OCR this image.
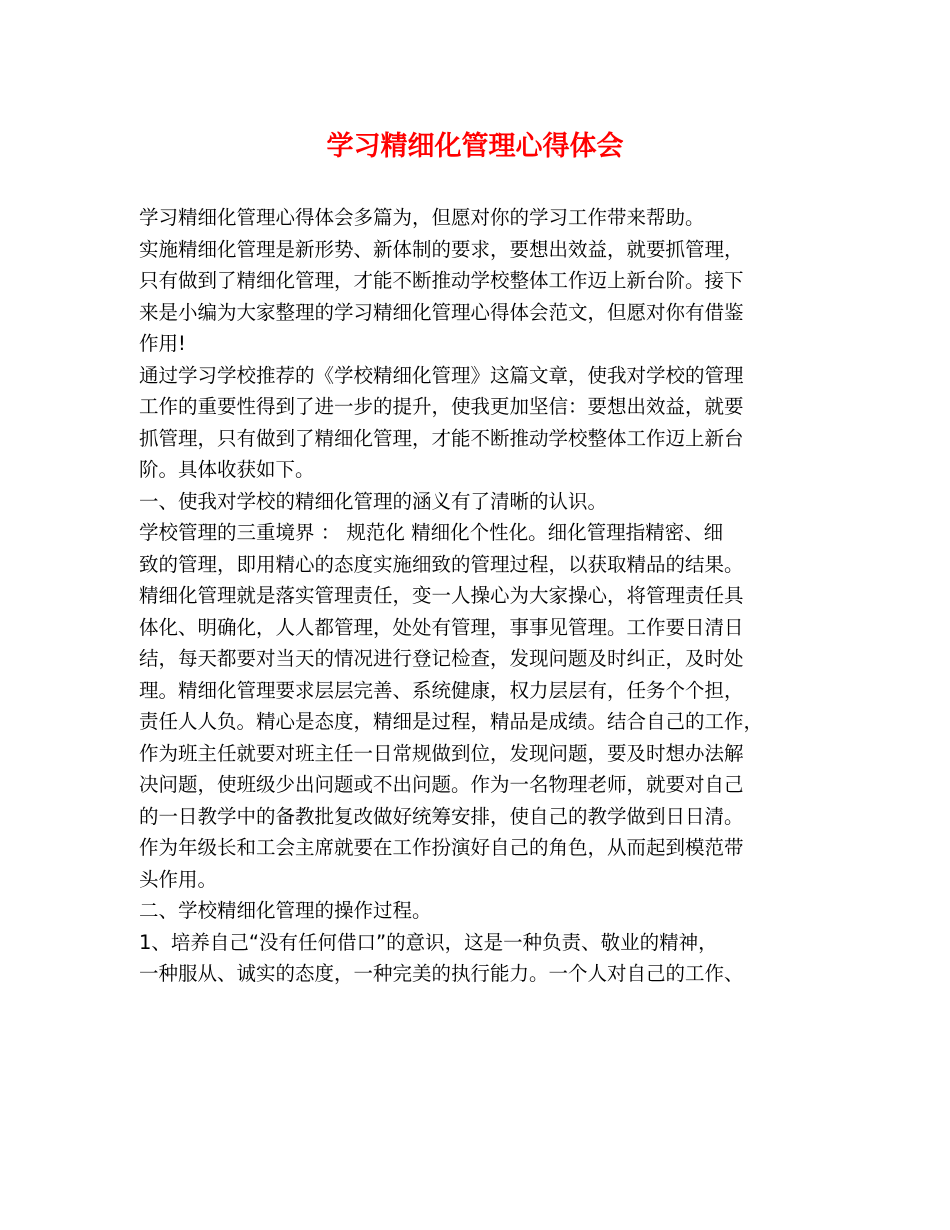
学习精细化管理心得体会
学习精细化管理心得体会多篇为，但愿对你的学习工作带来帮助。
实施精细化管理是新形势、新体制的要求，要想出效益，就要抓管理，
只有做到了精细化管理，才能不断推动学校整体工作迈上新台阶。接下
来是小编为大家整理的学习精细化管理心得体会范文，但愿对你有借鉴
作用!
通过学习学校推荐的《学校精细化管理》这篇文章，使我对学校的管理
工作的重要性得到了进一步的提升，使我更加坚信：要想出效益，就要
抓管理，只有做到了精细化管理，才能不断推动学校整体工作迈上新台
阶。具体收获如下。
一、使我对学校的精细化管理的涵义有了清晰的认识。
学校管理的三重境界 ： 规范化 精细化个性化。细化管理指精密、细
致的管理，即用精心的态度实施细致的管理过程，以获取精品的结果。
精细化管理就是落实管理责任，变一人操心为大家操心，将管理责任具
体化、明确化，人人都管理，处处有管理，事事见管理。工作要日清日
结，每天都要对当天的情况进行登记检查，发现问题及时纠正，及时处
理。精细化管理要求层层完善、系统健康，权力层层有，任务个个担，
责任人人负。精心是态度，精细是过程，精品是成绩。结合自己的工作，
作为班主任就要对班主任一日常规做到位，发现问题，要及时想办法解
决问题，使班级少出问题或不出问题。作为一名物理老师，就要对自己
的一日教学中的备教批复改做好统筹安排，使自己的教学做到日日清。
作为年级长和工会主席就要在工作扮演好自己的角色，从而起到模范带
头作用。
二、学校精细化管理的操作过程。
1、培养自己“没有任何借口”的意识，这是一种负责、敬业的精神，
一种服从、诚实的态度，一种完美的执行能力。一个人对自己的工作、
